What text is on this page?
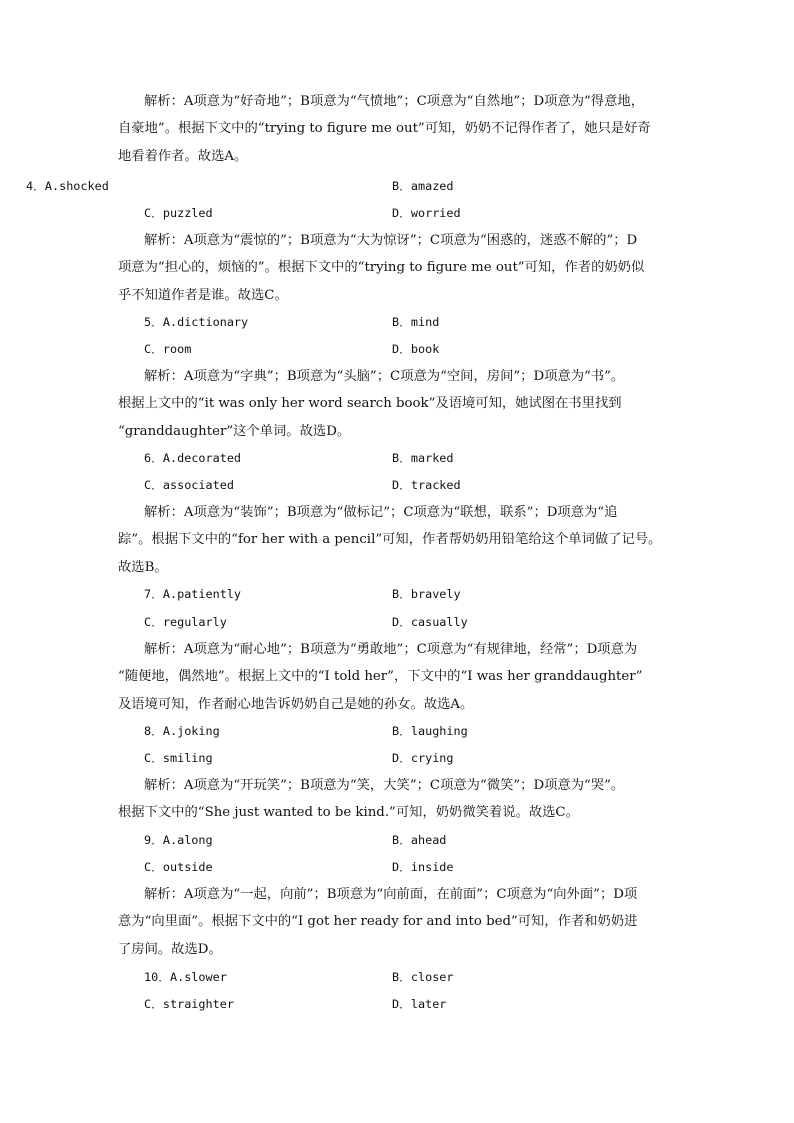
解析：A项意为“好奇地”；B项意为“气愤地”；C项意为“自然地”；D项意为“得意地，
自豪地”。根据下文中的“trying to figure me out”可知，奶奶不记得作者了，她只是好奇
地看着作者。故选A。
4．A.shocked	B．amazed
C．puzzled	D．worried
解析：A项意为“震惊的”；B项意为“大为惊讶”；C项意为“困惑的，迷惑不解的”；D
项意为“担心的，烦恼的”。根据下文中的“trying to figure me out”可知，作者的奶奶似
乎不知道作者是谁。故选C。
5．A.dictionary	B．mind
C．room	D．book
解析：A项意为“字典”；B项意为“头脑”；C项意为“空间，房间”；D项意为“书”。
根据上文中的“it was only her word search book”及语境可知，她试图在书里找到
“granddaughter”这个单词。故选D。
6．A.decorated	B．marked
C．associated	D．tracked
解析：A项意为“装饰”；B项意为“做标记”；C项意为“联想，联系”；D项意为“追
踪”。根据下文中的“for her with a pencil”可知，作者帮奶奶用铅笔给这个单词做了记号。
故选B。
7．A.patiently	B．bravely
C．regularly	D．casually
解析：A项意为“耐心地”；B项意为“勇敢地”；C项意为“有规律地，经常”；D项意为
“随便地，偶然地”。根据上文中的“I told her”，下文中的“I was her granddaughter”
及语境可知，作者耐心地告诉奶奶自己是她的孙女。故选A。
8．A.joking	B．laughing
C．smiling	D．crying
解析：A项意为“开玩笑”；B项意为“笑，大笑”；C项意为“微笑”；D项意为“哭”。
根据下文中的“She just wanted to be kind.”可知，奶奶微笑着说。故选C。
9．A.along	B．ahead
C．outside	D．inside
解析：A项意为“一起，向前”；B项意为“向前面，在前面”；C项意为“向外面”；D项
意为“向里面”。根据下文中的“I got her ready for and into bed”可知，作者和奶奶进
了房间。故选D。
10．A.slower	B．closer
C．straighter	D．later
